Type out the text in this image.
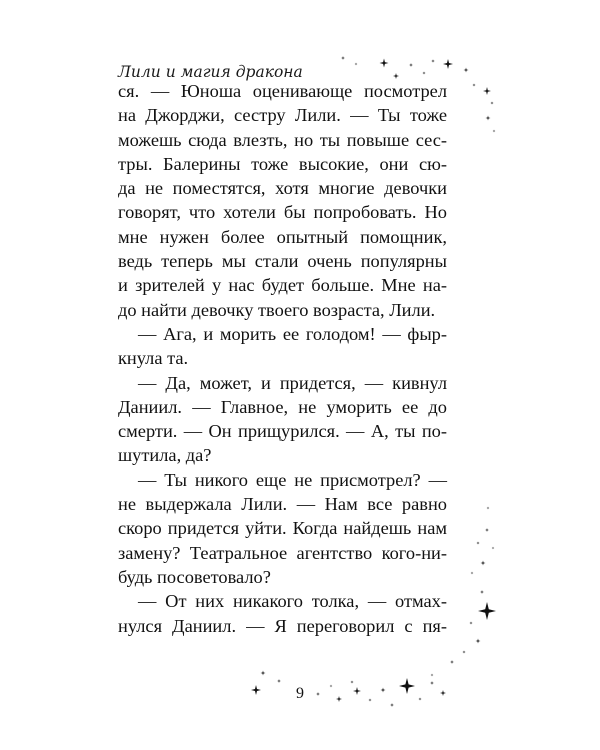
Лили и магия дракона
ся. — Юноша оценивающе посмотрел
на Джорджи, сестру Лили. — Ты тоже
можешь сюда влезть, но ты повыше сес-
тры. Балерины тоже высокие, они сю-
да не поместятся, хотя многие девочки
говорят, что хотели бы попробовать. Но
мне нужен более опытный помощник,
ведь теперь мы стали очень популярны
и зрителей у нас будет больше. Мне на-
до найти девочку твоего возраста, Лили.
— Ага, и морить ее голодом! — фыр-
кнула та.
— Да, может, и придется, — кивнул
Даниил. — Главное, не уморить ее до
смерти. — Он прищурился. — А, ты по-
шутила, да?
— Ты никого еще не присмотрел? —
не выдержала Лили. — Нам все равно
скоро придется уйти. Когда найдешь нам
замену? Театральное агентство кого-ни-
будь посоветовало?
— От них никакого толка, — отмах-
нулся Даниил. — Я переговорил с пя-
9
